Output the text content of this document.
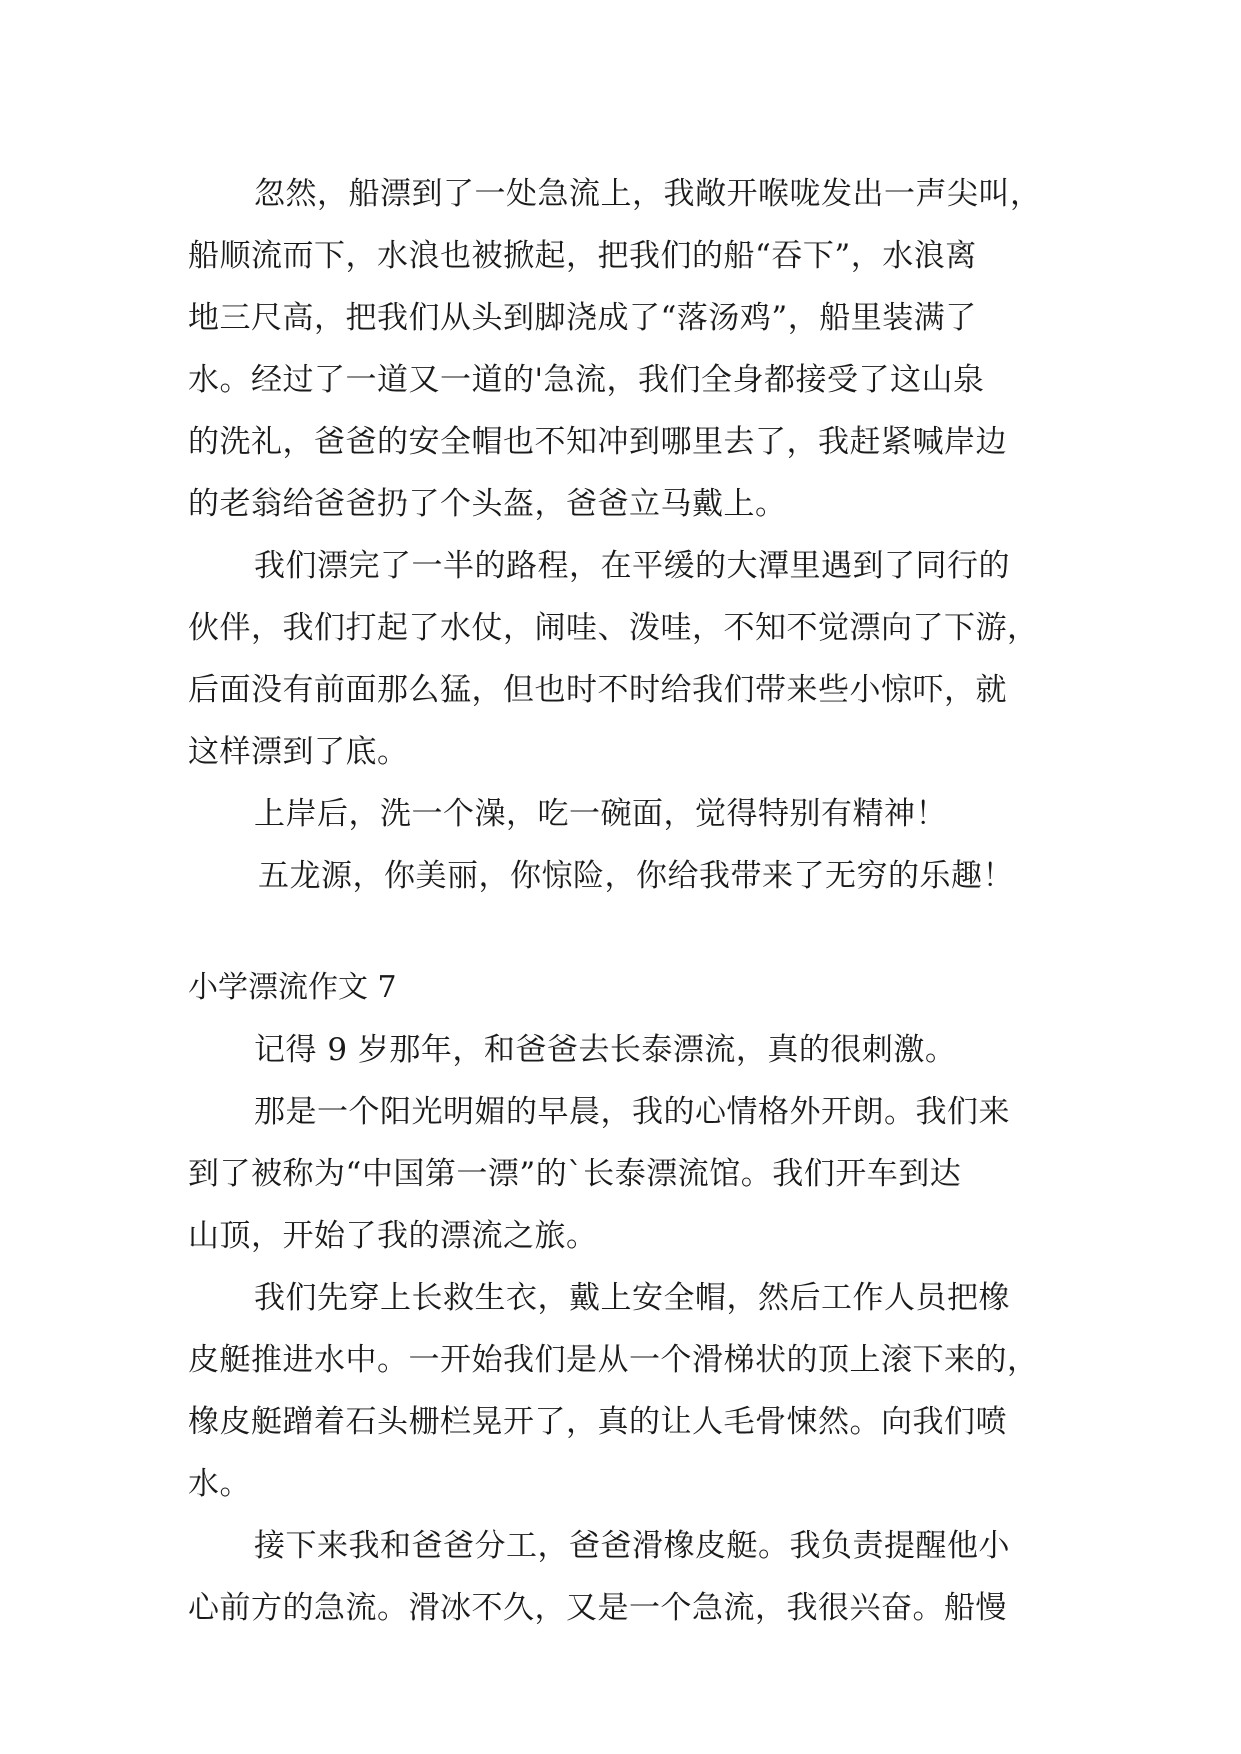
忽然，船漂到了一处急流上，我敞开喉咙发出一声尖叫，
船顺流而下，水浪也被掀起，把我们的船“吞下”，水浪离
地三尺高，把我们从头到脚浇成了“落汤鸡”，船里装满了
水。经过了一道又一道的'急流，我们全身都接受了这山泉
的洗礼，爸爸的安全帽也不知冲到哪里去了，我赶紧喊岸边
的老翁给爸爸扔了个头盔，爸爸立马戴上。
我们漂完了一半的路程，在平缓的大潭里遇到了同行的
伙伴，我们打起了水仗，闹哇、泼哇，不知不觉漂向了下游，
后面没有前面那么猛，但也时不时给我们带来些小惊吓，就
这样漂到了底。
上岸后，洗一个澡，吃一碗面，觉得特别有精神！
五龙源，你美丽，你惊险，你给我带来了无穷的乐趣！
小学漂流作文 7
记得 9 岁那年，和爸爸去长泰漂流，真的很刺激。
那是一个阳光明媚的早晨，我的心情格外开朗。我们来
到了被称为“中国第一漂”的`长泰漂流馆。我们开车到达
山顶，开始了我的漂流之旅。
我们先穿上长救生衣，戴上安全帽，然后工作人员把橡
皮艇推进水中。一开始我们是从一个滑梯状的顶上滚下来的，
橡皮艇蹭着石头栅栏晃开了，真的让人毛骨悚然。向我们喷
水。
接下来我和爸爸分工，爸爸滑橡皮艇。我负责提醒他小
心前方的急流。滑冰不久，又是一个急流，我很兴奋。船慢
